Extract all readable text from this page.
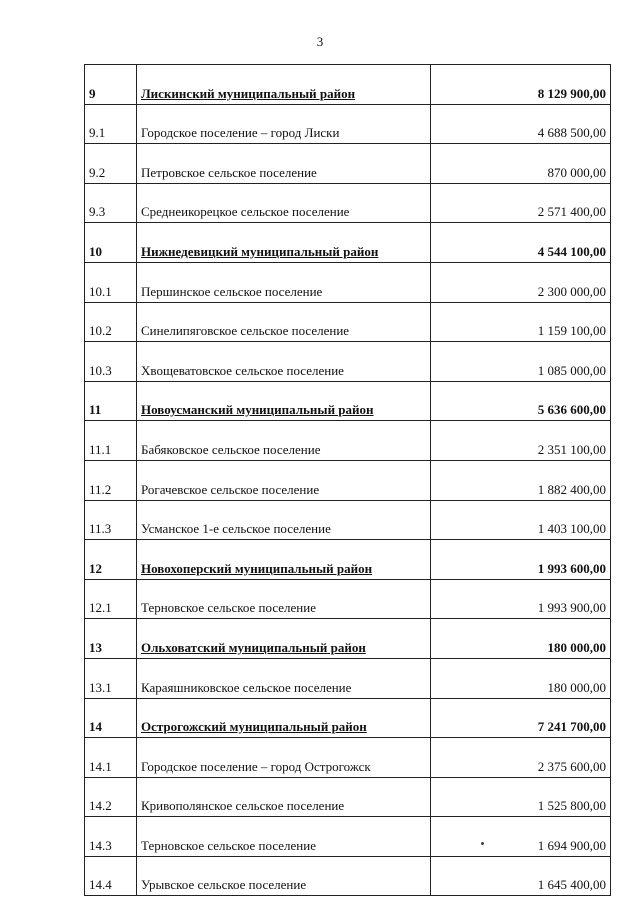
3
9	Лискинский муниципальный район	8 129 900,00
9.1	Городское поселение – город Лиски	4 688 500,00
9.2	Петровское сельское поселение	870 000,00
9.3	Среднеикорецкое сельское поселение	2 571 400,00
10	Нижнедевицкий муниципальный район	4 544 100,00
10.1	Першинское сельское поселение	2 300 000,00
10.2	Синелипяговское сельское поселение	1 159 100,00
10.3	Хвощеватовское сельское поселение	1 085 000,00
11	Новоусманский муниципальный район	5 636 600,00
11.1	Бабяковское сельское поселение	2 351 100,00
11.2	Рогачевское сельское поселение	1 882 400,00
11.3	Усманское 1-е сельское поселение	1 403 100,00
12	Новохоперский муниципальный район	1 993 600,00
12.1	Терновское сельское поселение	1 993 900,00
13	Ольховатский муниципальный район	180 000,00
13.1	Караяшниковское сельское поселение	180 000,00
14	Острогожский муниципальный район	7 241 700,00
14.1	Городское поселение – город Острогожск	2 375 600,00
14.2	Кривополянское сельское поселение	1 525 800,00
14.3	Терновское сельское поселение	1 694 900,00
14.4	Урывское сельское поселение	1 645 400,00
